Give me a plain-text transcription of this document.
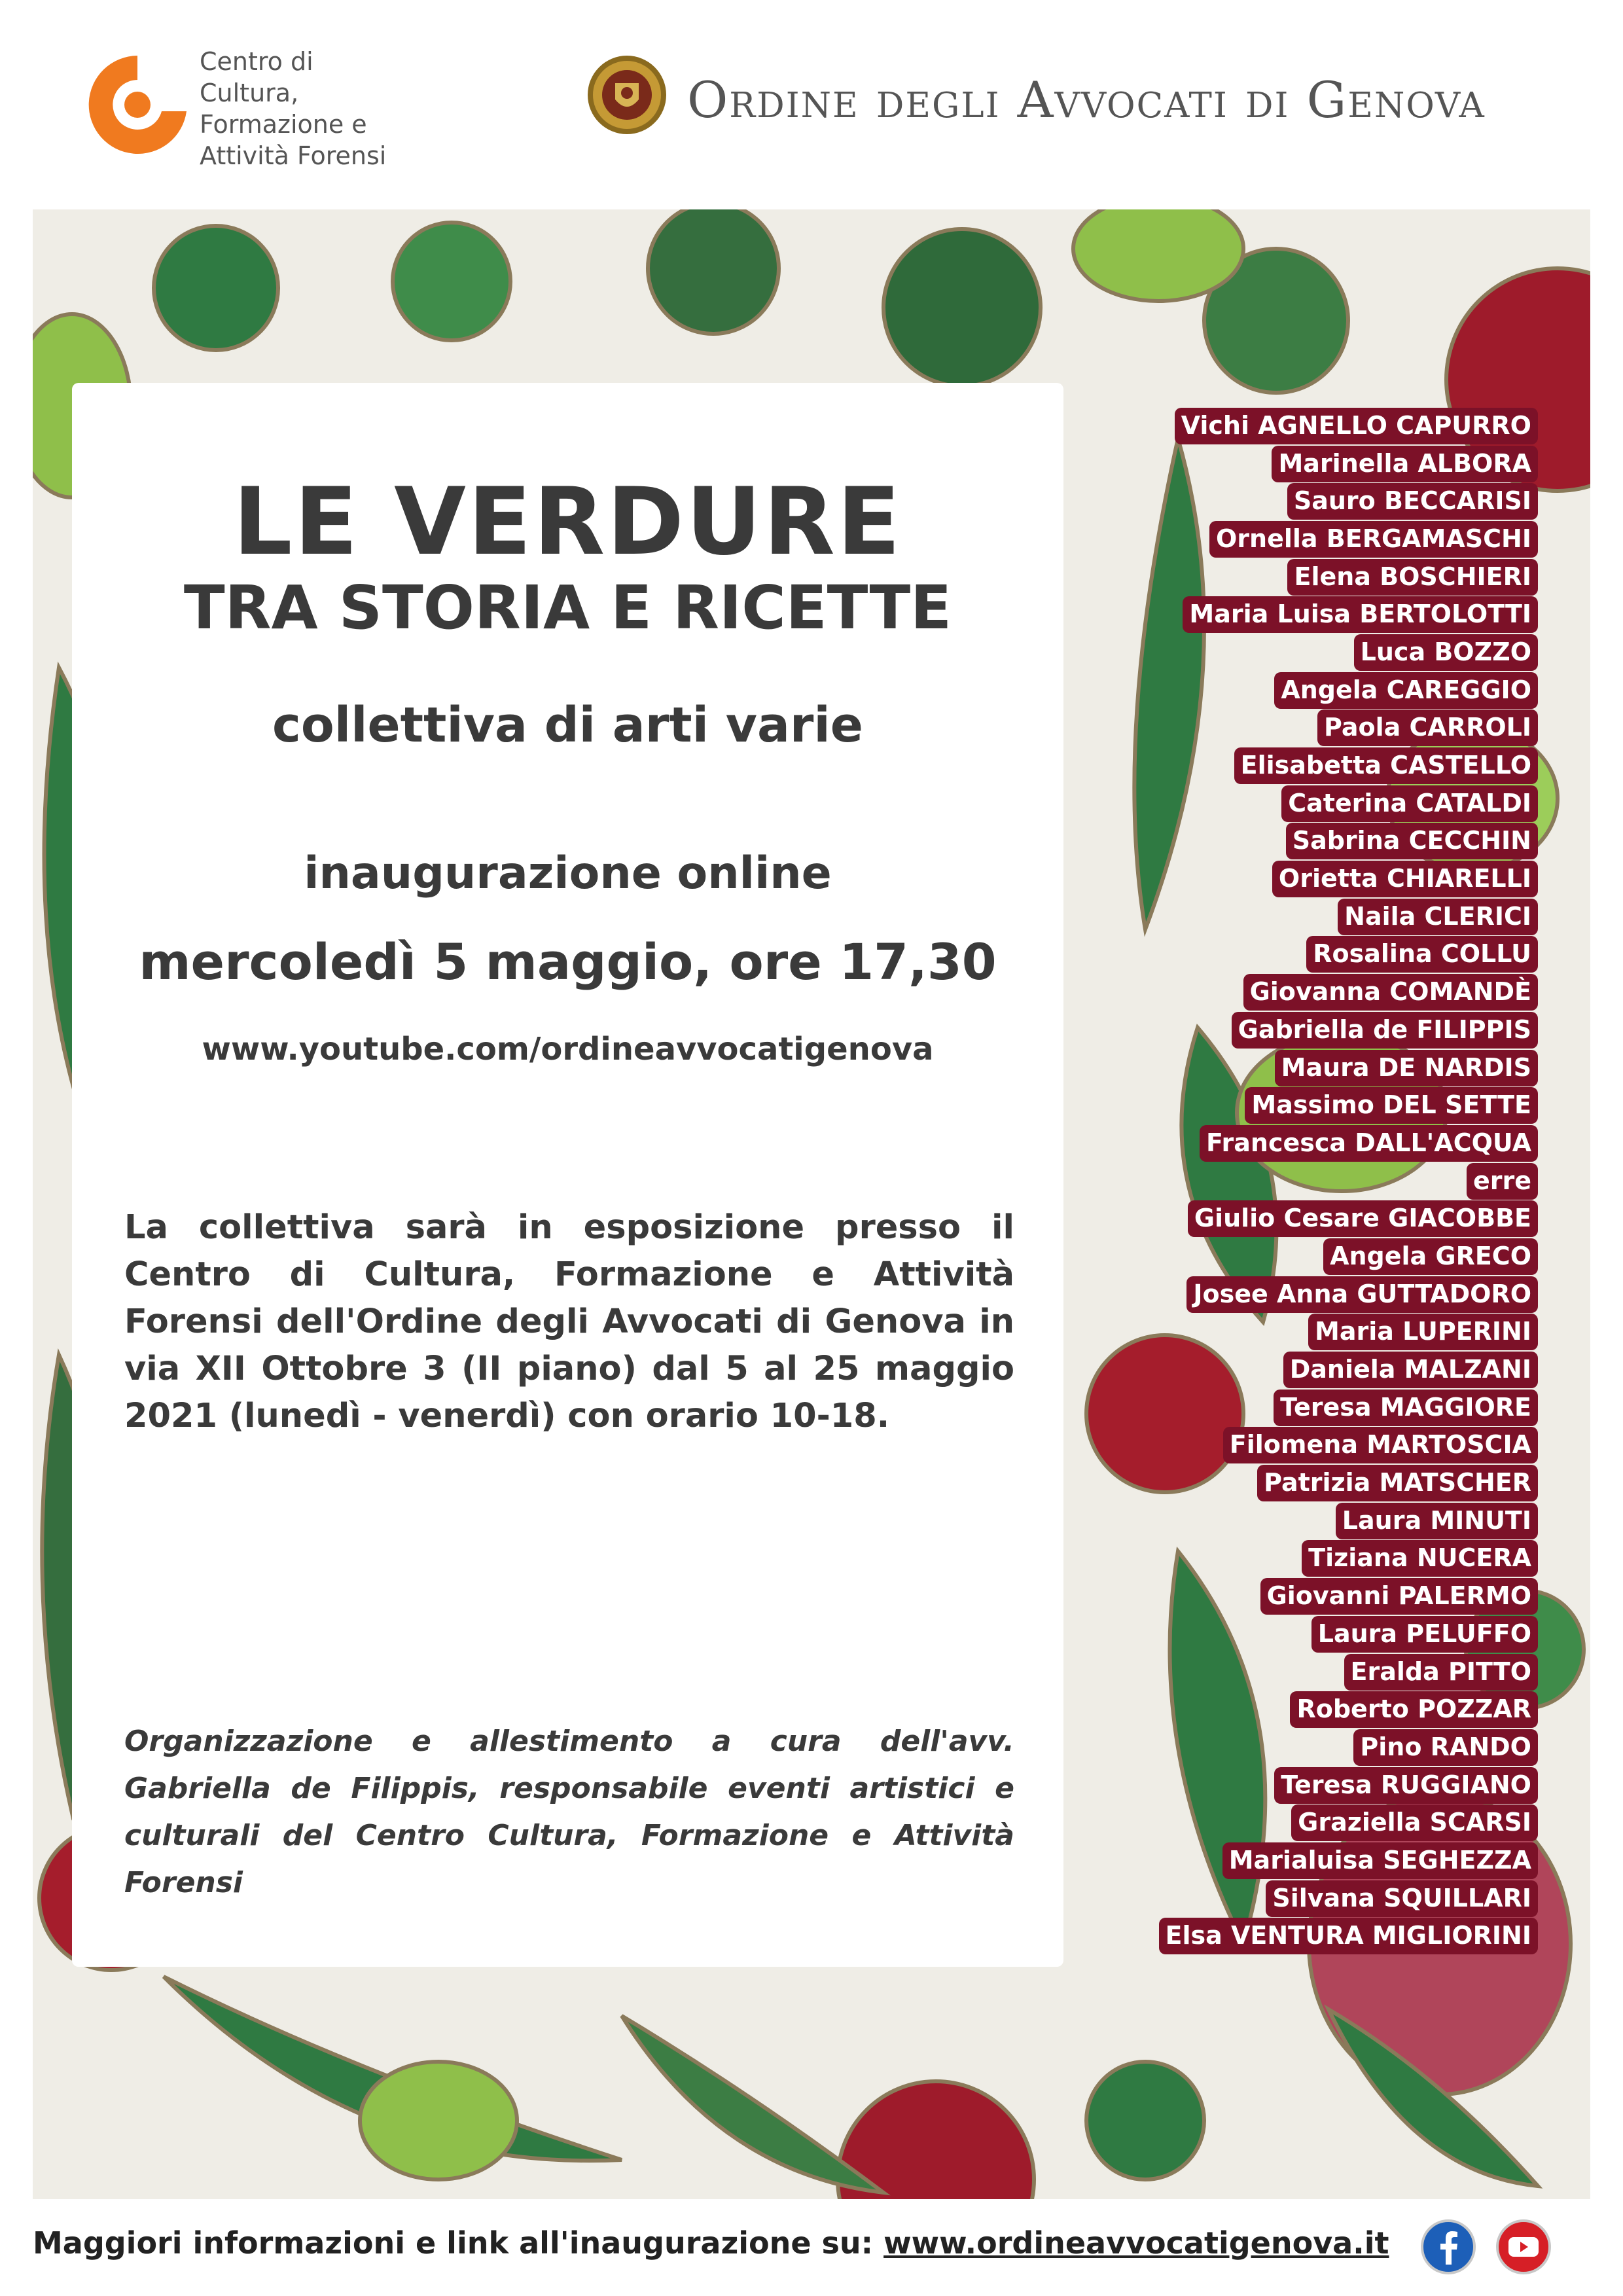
Centro di
Cultura,
Formazione e
Attività Forensi
Ordine degli Avvocati di Genova
LE VERDURE
TRA STORIA E RICETTE
collettiva di arti varie
inaugurazione online
mercoledì 5 maggio, ore 17,30
www.youtube.com/ordineavvocatigenova

La collettiva sarà in esposizione presso il Centro di Cultura, Formazione e Attività Forensi dell'Ordine degli Avvocati di Genova in via XII Ottobre 3 (II piano) dal 5 al 25 maggio 2021 (lunedì - venerdì) con orario 10-18.

Organizzazione e allestimento a cura dell'avv. Gabriella de Filippis, responsabile eventi artistici e culturali del Centro Cultura, Formazione e Attività Forensi
Vichi AGNELLO CAPURRO
Marinella ALBORA
Sauro BECCARISI
Ornella BERGAMASCHI
Elena BOSCHIERI
Maria Luisa BERTOLOTTI
Luca BOZZO
Angela CAREGGIO
Paola CARROLI
Elisabetta CASTELLO
Caterina CATALDI
Sabrina CECCHIN
Orietta CHIARELLI
Naila CLERICI
Rosalina COLLU
Giovanna COMANDÈ
Gabriella de FILIPPIS
Maura DE NARDIS
Massimo DEL SETTE
Francesca DALL'ACQUA
erre
Giulio Cesare GIACOBBE
Angela GRECO
Josee Anna GUTTADORO
Maria LUPERINI
Daniela MALZANI
Teresa MAGGIORE
Filomena MARTOSCIA
Patrizia MATSCHER
Laura MINUTI
Tiziana NUCERA
Giovanni PALERMO
Laura PELUFFO
Eralda PITTO
Roberto POZZAR
Pino RANDO
Teresa RUGGIANO
Graziella SCARSI
Marialuisa SEGHEZZA
Silvana SQUILLARI
Elsa VENTURA MIGLIORINI
Maggiori informazioni e link all'inaugurazione su: www.ordineavvocatigenova.it
